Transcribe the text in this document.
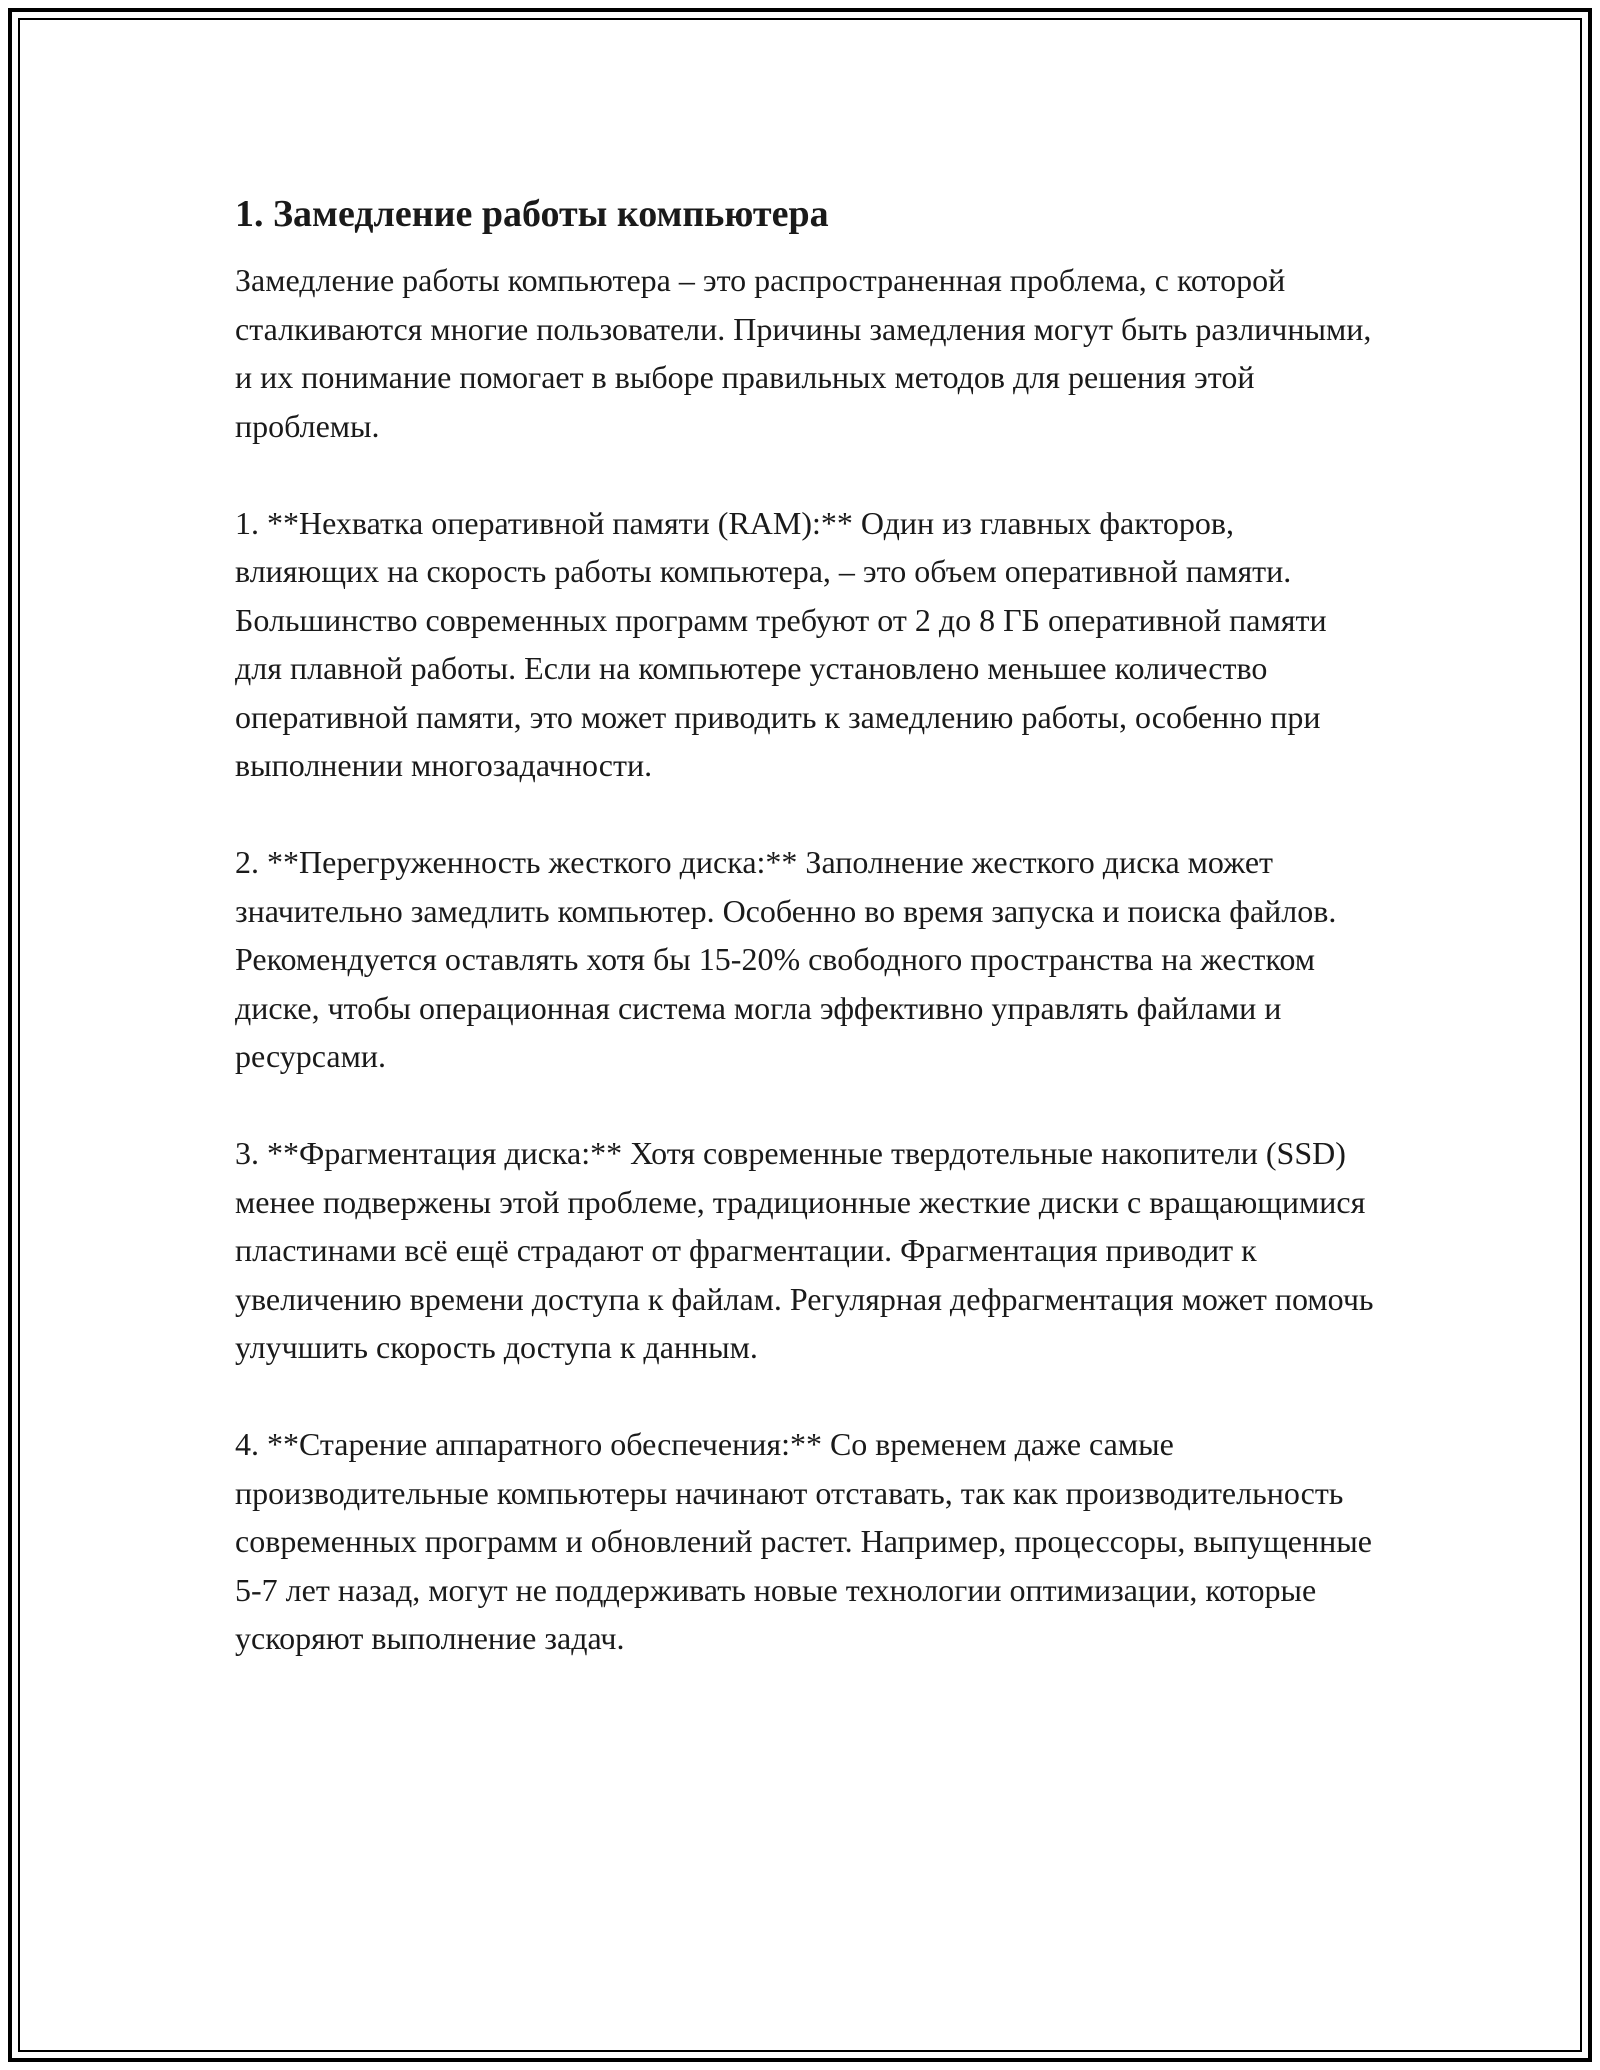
1. Замедление работы компьютера

Замедление работы компьютера – это распространенная проблема, с которой сталкиваются многие пользователи. Причины замедления могут быть различными, и их понимание помогает в выборе правильных методов для решения этой проблемы.

1. **Нехватка оперативной памяти (RAM):** Один из главных факторов, влияющих на скорость работы компьютера, – это объем оперативной памяти. Большинство современных программ требуют от 2 до 8 ГБ оперативной памяти для плавной работы. Если на компьютере установлено меньшее количество оперативной памяти, это может приводить к замедлению работы, особенно при выполнении многозадачности.

2. **Перегруженность жесткого диска:** Заполнение жесткого диска может значительно замедлить компьютер. Особенно во время запуска и поиска файлов. Рекомендуется оставлять хотя бы 15-20% свободного пространства на жестком диске, чтобы операционная система могла эффективно управлять файлами и ресурсами.

3. **Фрагментация диска:** Хотя современные твердотельные накопители (SSD) менее подвержены этой проблеме, традиционные жесткие диски с вращающимися пластинами всё ещё страдают от фрагментации. Фрагментация приводит к увеличению времени доступа к файлам. Регулярная дефрагментация может помочь улучшить скорость доступа к данным.

4. **Старение аппаратного обеспечения:** Со временем даже самые производительные компьютеры начинают отставать, так как производительность современных программ и обновлений растет. Например, процессоры, выпущенные 5-7 лет назад, могут не поддерживать новые технологии оптимизации, которые ускоряют выполнение задач.
